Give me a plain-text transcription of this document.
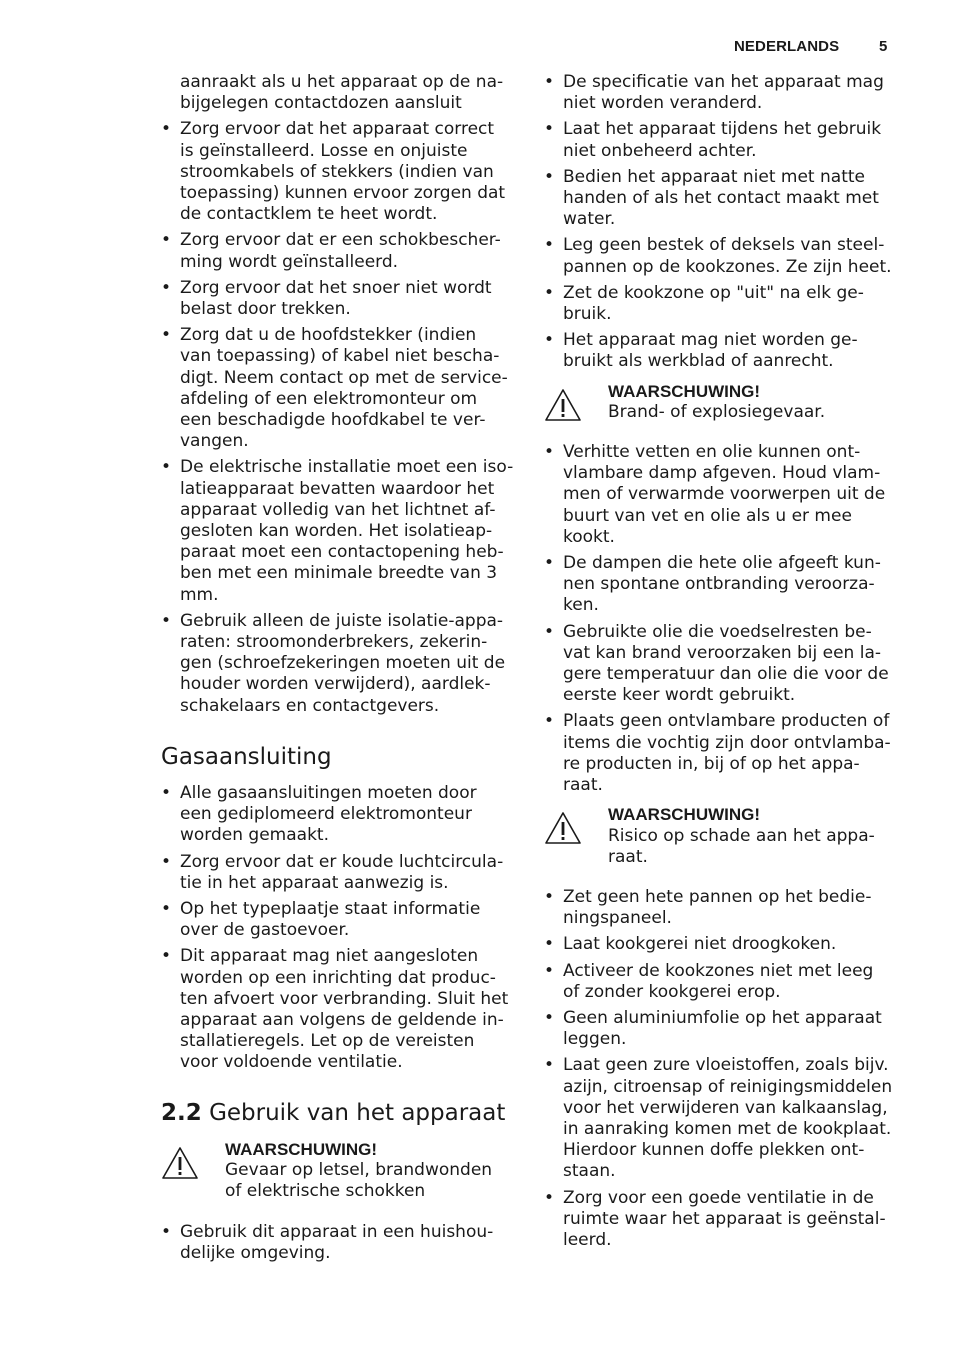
NEDERLANDS	5
aanraakt als u het apparaat op de na-
bijgelegen contactdozen aansluit
• Zorg ervoor dat het apparaat correct
is geïnstalleerd. Losse en onjuiste
stroomkabels of stekkers (indien van
toepassing) kunnen ervoor zorgen dat
de contactklem te heet wordt.
• Zorg ervoor dat er een schokbescher-
ming wordt geïnstalleerd.
• Zorg ervoor dat het snoer niet wordt
belast door trekken.
• Zorg dat u de hoofdstekker (indien
van toepassing) of kabel niet bescha-
digt. Neem contact op met de service-
afdeling of een elektromonteur om
een beschadigde hoofdkabel te ver-
vangen.
• De elektrische installatie moet een iso-
latieapparaat bevatten waardoor het
apparaat volledig van het lichtnet af-
gesloten kan worden. Het isolatieap-
paraat moet een contactopening heb-
ben met een minimale breedte van 3
mm.
• Gebruik alleen de juiste isolatie-appa-
raten: stroomonderbrekers, zekerin-
gen (schroefzekeringen moeten uit de
houder worden verwijderd), aardlek-
schakelaars en contactgevers.
Gasaansluiting
• Alle gasaansluitingen moeten door
een gediplomeerd elektromonteur
worden gemaakt.
• Zorg ervoor dat er koude luchtcircula-
tie in het apparaat aanwezig is.
• Op het typeplaatje staat informatie
over de gastoevoer.
• Dit apparaat mag niet aangesloten
worden op een inrichting dat produc-
ten afvoert voor verbranding. Sluit het
apparaat aan volgens de geldende in-
stallatieregels. Let op de vereisten
voor voldoende ventilatie.
2.2 Gebruik van het apparaat
WAARSCHUWING!
Gevaar op letsel, brandwonden
of elektrische schokken
• Gebruik dit apparaat in een huishou-
delijke omgeving.
• De specificatie van het apparaat mag
niet worden veranderd.
• Laat het apparaat tijdens het gebruik
niet onbeheerd achter.
• Bedien het apparaat niet met natte
handen of als het contact maakt met
water.
• Leg geen bestek of deksels van steel-
pannen op de kookzones. Ze zijn heet.
• Zet de kookzone op "uit" na elk ge-
bruik.
• Het apparaat mag niet worden ge-
bruikt als werkblad of aanrecht.
WAARSCHUWING!
Brand- of explosiegevaar.
• Verhitte vetten en olie kunnen ont-
vlambare damp afgeven. Houd vlam-
men of verwarmde voorwerpen uit de
buurt van vet en olie als u er mee
kookt.
• De dampen die hete olie afgeeft kun-
nen spontane ontbranding veroorza-
ken.
• Gebruikte olie die voedselresten be-
vat kan brand veroorzaken bij een la-
gere temperatuur dan olie die voor de
eerste keer wordt gebruikt.
• Plaats geen ontvlambare producten of
items die vochtig zijn door ontvlamba-
re producten in, bij of op het appa-
raat.
WAARSCHUWING!
Risico op schade aan het appa-
raat.
• Zet geen hete pannen op het bedie-
ningspaneel.
• Laat kookgerei niet droogkoken.
• Activeer de kookzones niet met leeg
of zonder kookgerei erop.
• Geen aluminiumfolie op het apparaat
leggen.
• Laat geen zure vloeistoffen, zoals bijv.
azijn, citroensap of reinigingsmiddelen
voor het verwijderen van kalkaanslag,
in aanraking komen met de kookplaat.
Hierdoor kunnen doffe plekken ont-
staan.
• Zorg voor een goede ventilatie in de
ruimte waar het apparaat is geënstal-
leerd.
